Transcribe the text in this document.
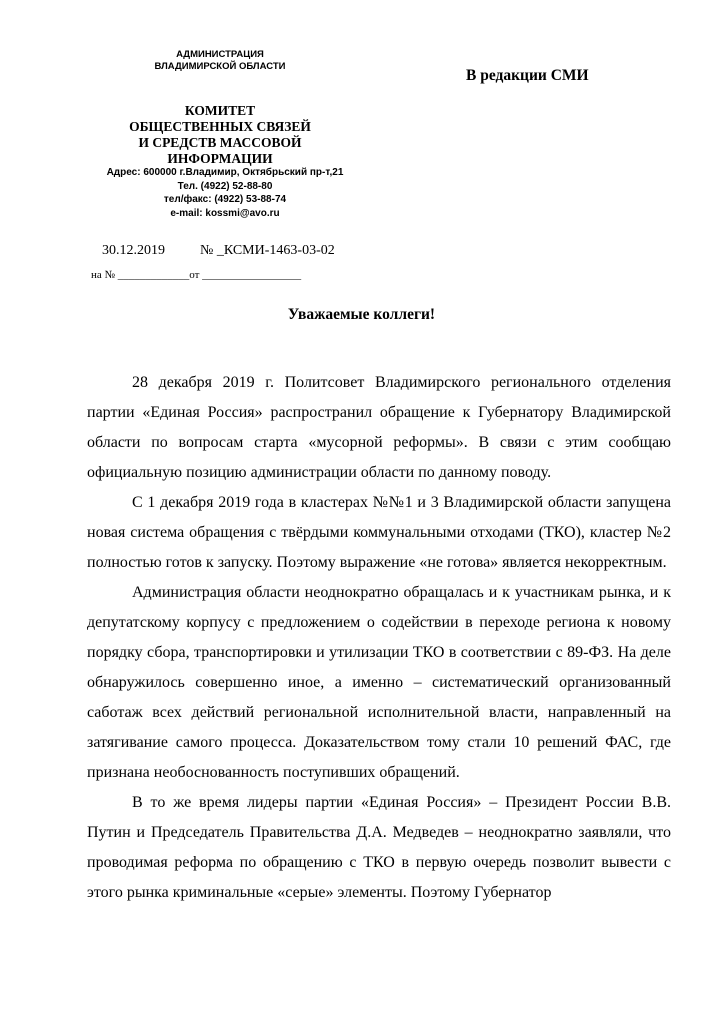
АДМИНИСТРАЦИЯ
ВЛАДИМИРСКОЙ ОБЛАСТИ
КОМИТЕТ
ОБЩЕСТВЕННЫХ СВЯЗЕЙ
И СРЕДСТВ МАССОВОЙ
ИНФОРМАЦИИ
Адрес: 600000 г.Владимир, Октябрьский пр-т,21
Тел. (4922) 52-88-80
тел/факс: (4922) 53-88-74
e-mail: kossmi@avo.ru
В редакции СМИ
30.12.2019	№ _КСМИ-1463-03-02
на № _____________от __________________
Уважаемые коллеги!

28 декабря 2019 г. Политсовет Владимирского регионального отделения партии «Единая Россия» распространил обращение к Губернатору Владимирской области по вопросам старта «мусорной реформы». В связи с этим сообщаю официальную позицию администрации области по данному поводу.

С 1 декабря 2019 года в кластерах №№1 и 3 Владимирской области запущена новая система обращения с твёрдыми коммунальными отходами (ТКО), кластер №2 полностью готов к запуску. Поэтому выражение «не готова» является некорректным.

Администрация области неоднократно обращалась и к участникам рынка, и к депутатскому корпусу с предложением о содействии в переходе региона к новому порядку сбора, транспортировки и утилизации ТКО в соответствии с 89-ФЗ. На деле обнаружилось совершенно иное, а именно – систематический организованный саботаж всех действий региональной исполнительной власти, направленный на затягивание самого процесса. Доказательством тому стали 10 решений ФАС, где признана необоснованность поступивших обращений.

В то же время лидеры партии «Единая Россия» – Президент России В.В. Путин и Председатель Правительства Д.А. Медведев – неоднократно заявляли, что проводимая реформа по обращению с ТКО в первую очередь позволит вывести с этого рынка криминальные «серые» элементы. Поэтому Губернатор
